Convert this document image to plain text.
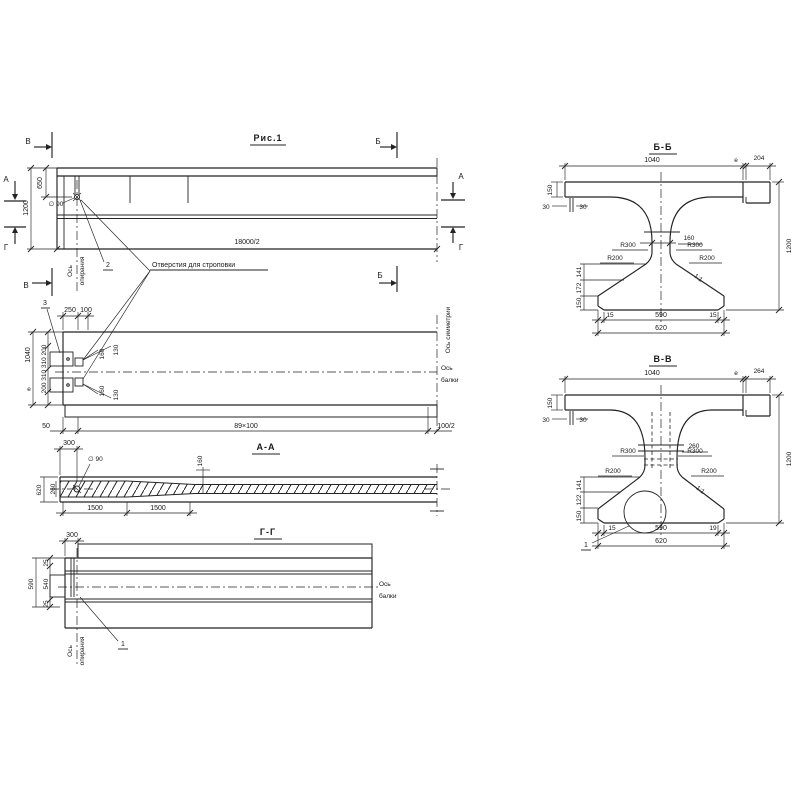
Рис.1
В	Б
В
Б
А
Г
А
Г
650
1200	∅ 90
18000/2
Ось опирания	2	Отверстия для строповки
3
250 100
1040
e 200 310 310 200	160 130
160 130
50	89×100	100/2
Ось симметрии
Ось
балки
А-А
300
∅ 90
620 260
160
1500	1500
Г-Г
300
590
25
540
25
1
Ось
балки
Ось опирания
Б-Б
1040	e 204
150
30	30
R300	R300
160
R200	R200
141
172
150
1:1
15	590	15
620
1200
В-В
1040	e 264
150
30	30
R300	R300
260
R200	R200
141
122
150
1:1
1
15	590	19
620
1200
